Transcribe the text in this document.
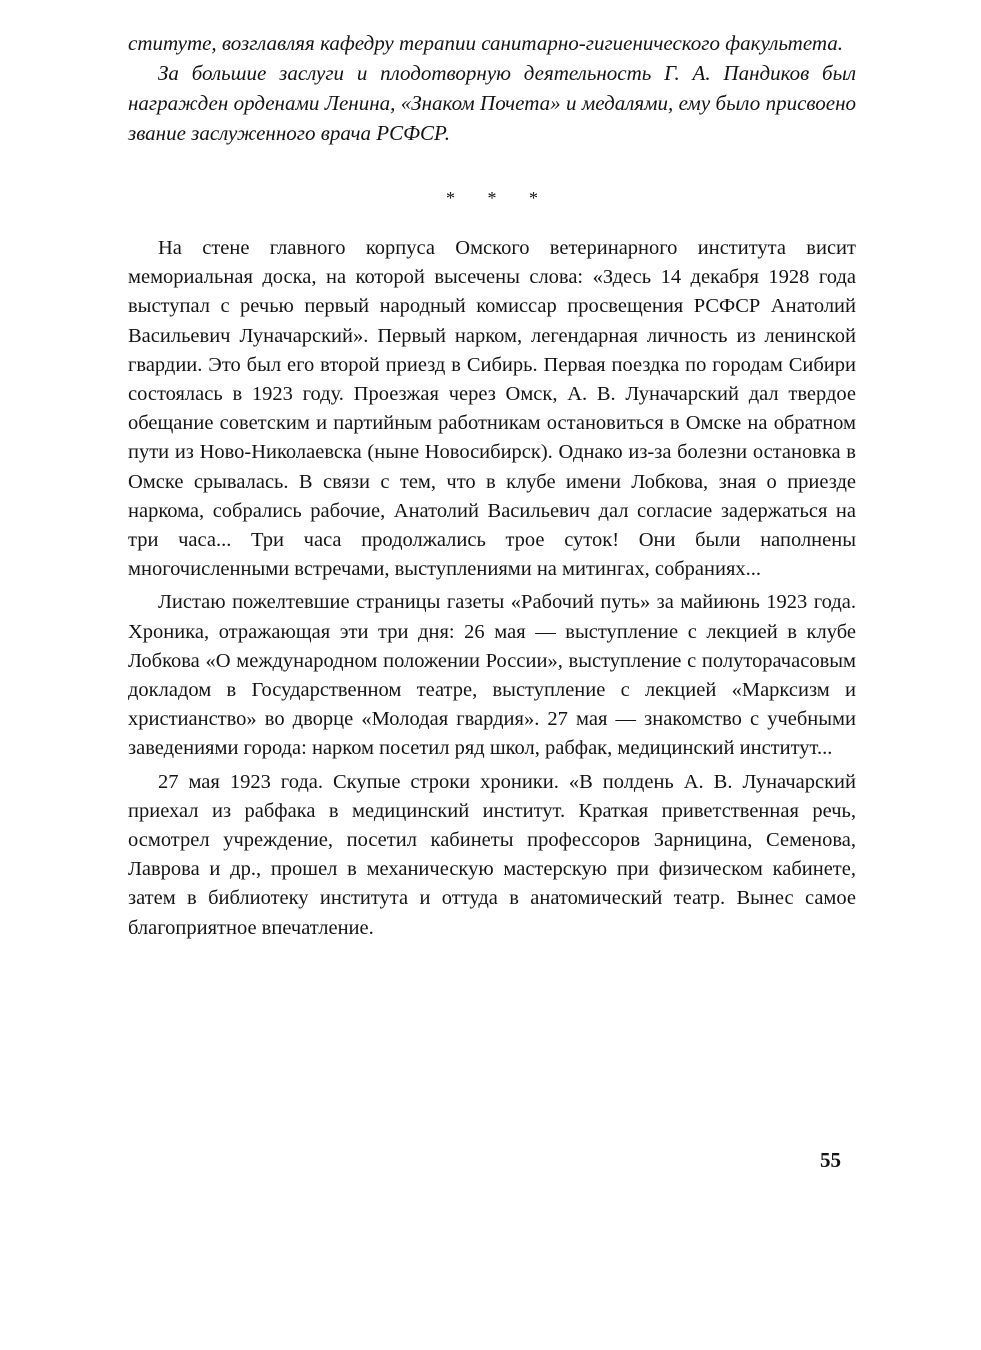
ституте, возглавляя кафедру терапии санитарно-гигиенического факультета.

За большие заслуги и плодотворную деятельность Г. А. Пандиков был награжден орденами Ленина, «Знаком Почета» и медалями, ему было присвоено звание заслуженного врача РСФСР.

* * *

На стене главного корпуса Омского ветеринарного института висит мемориальная доска, на которой высечены слова: «Здесь 14 декабря 1928 года выступал с речью первый народный комиссар просвещения РСФСР Анатолий Васильевич Луначарский». Первый нарком, легендарная личность из ленинской гвардии. Это был его второй приезд в Сибирь. Первая поездка по городам Сибири состоялась в 1923 году. Проезжая через Омск, А. В. Луначарский дал твердое обещание советским и партийным работникам остановиться в Омске на обратном пути из Ново-Николаевска (ныне Новосибирск). Однако из-за болезни остановка в Омске срывалась. В связи с тем, что в клубе имени Лобкова, зная о приезде наркома, собрались рабочие, Анатолий Васильевич дал согласие задержаться на три часа... Три часа продолжались трое суток! Они были наполнены многочисленными встречами, выступлениями на митингах, собраниях...

Листаю пожелтевшие страницы газеты «Рабочий путь» за майиюнь 1923 года. Хроника, отражающая эти три дня: 26 мая — выступление с лекцией в клубе Лобкова «О международном положении России», выступление с полуторачасовым докладом в Государственном театре, выступление с лекцией «Марксизм и христианство» во дворце «Молодая гвардия». 27 мая — знакомство с учебными заведениями города: нарком посетил ряд школ, рабфак, медицинский институт...

27 мая 1923 года. Скупые строки хроники. «В полдень А. В. Луначарский приехал из рабфака в медицинский институт. Краткая приветственная речь, осмотрел учреждение, посетил кабинеты профессоров Зарницина, Семенова, Лаврова и др., прошел в механическую мастерскую при физическом кабинете, затем в библиотеку института и оттуда в анатомический театр. Вынес самое благоприятное впечатление.

55
